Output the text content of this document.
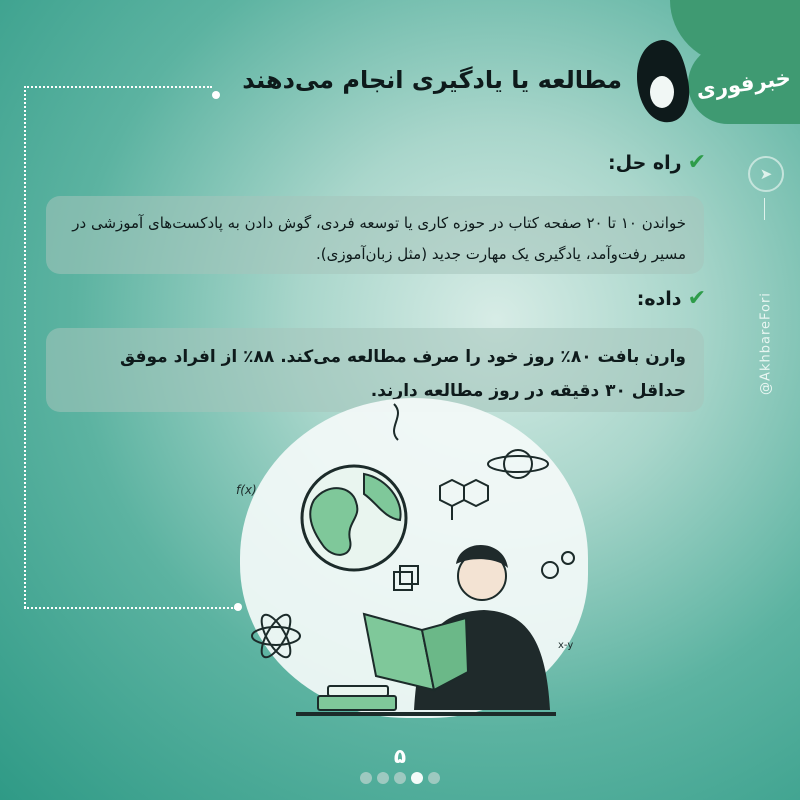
خبرفوری
۵
مطالعه یا یادگیری انجام می‌دهند
✔
راه حل:

خواندن ۱۰ تا ۲۰ صفحه کتاب در حوزه کاری یا توسعه فردی، گوش دادن به پادکست‌های آموزشی در مسیر رفت‌وآمد، یادگیری یک مهارت جدید (مثل زبان‌آموزی).

✔
داده:

وارن بافت ۸۰٪ روز خود را صرف مطالعه می‌کند. ۸۸٪ از افراد موفق حداقل ۳۰ دقیقه در روز مطالعه دارند.

➤
@AkhbareFori
f(x)
x-y
۵
